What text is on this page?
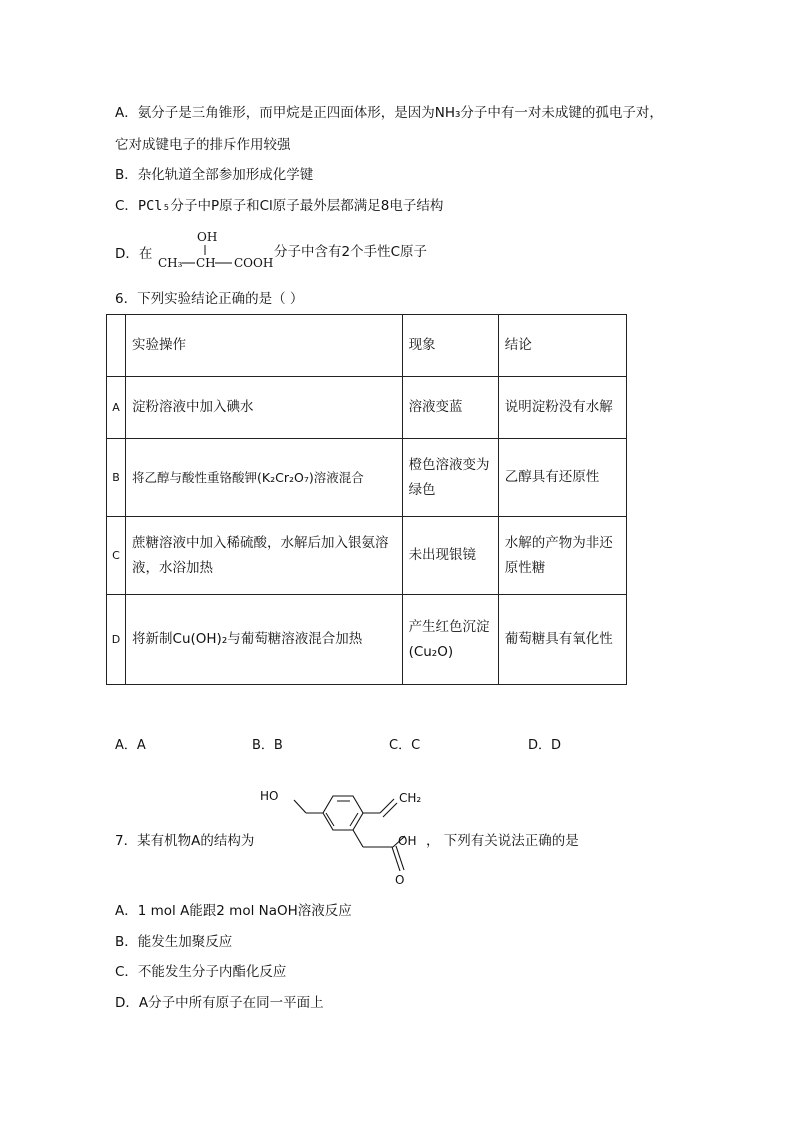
A．氨分子是三角锥形，而甲烷是正四面体形，是因为NH₃分子中有一对未成键的孤电子对，
它对成键电子的排斥作用较强
B．杂化轨道全部参加形成化学键
C．PCl₅分子中P原子和Cl原子最外层都满足8电子结构
D．在
OH
CH₃ CH COOH
分子中含有2个手性C原子
6．下列实验结论正确的是（ ）
	实验操作	现象	结论
A	淀粉溶液中加入碘水	溶液变蓝	说明淀粉没有水解
B	将乙醇与酸性重铬酸钾(K₂Cr₂O₇)溶液混合	橙色溶液变为绿色	乙醇具有还原性
C	蔗糖溶液中加入稀硫酸，水解后加入银氨溶液，水浴加热	未出现银镜	水解的产物为非还原性糖
D	将新制Cu(OH)₂与葡萄糖溶液混合加热	产生红色沉淀(Cu₂O)	葡萄糖具有氧化性
A．A	B．B	C．C	D．D
7．某有机物A的结构为
HO	CH₂
OH
O
， 下列有关说法正确的是
A．1 mol A能跟2 mol NaOH溶液反应
B．能发生加聚反应
C．不能发生分子内酯化反应
D．A分子中所有原子在同一平面上
